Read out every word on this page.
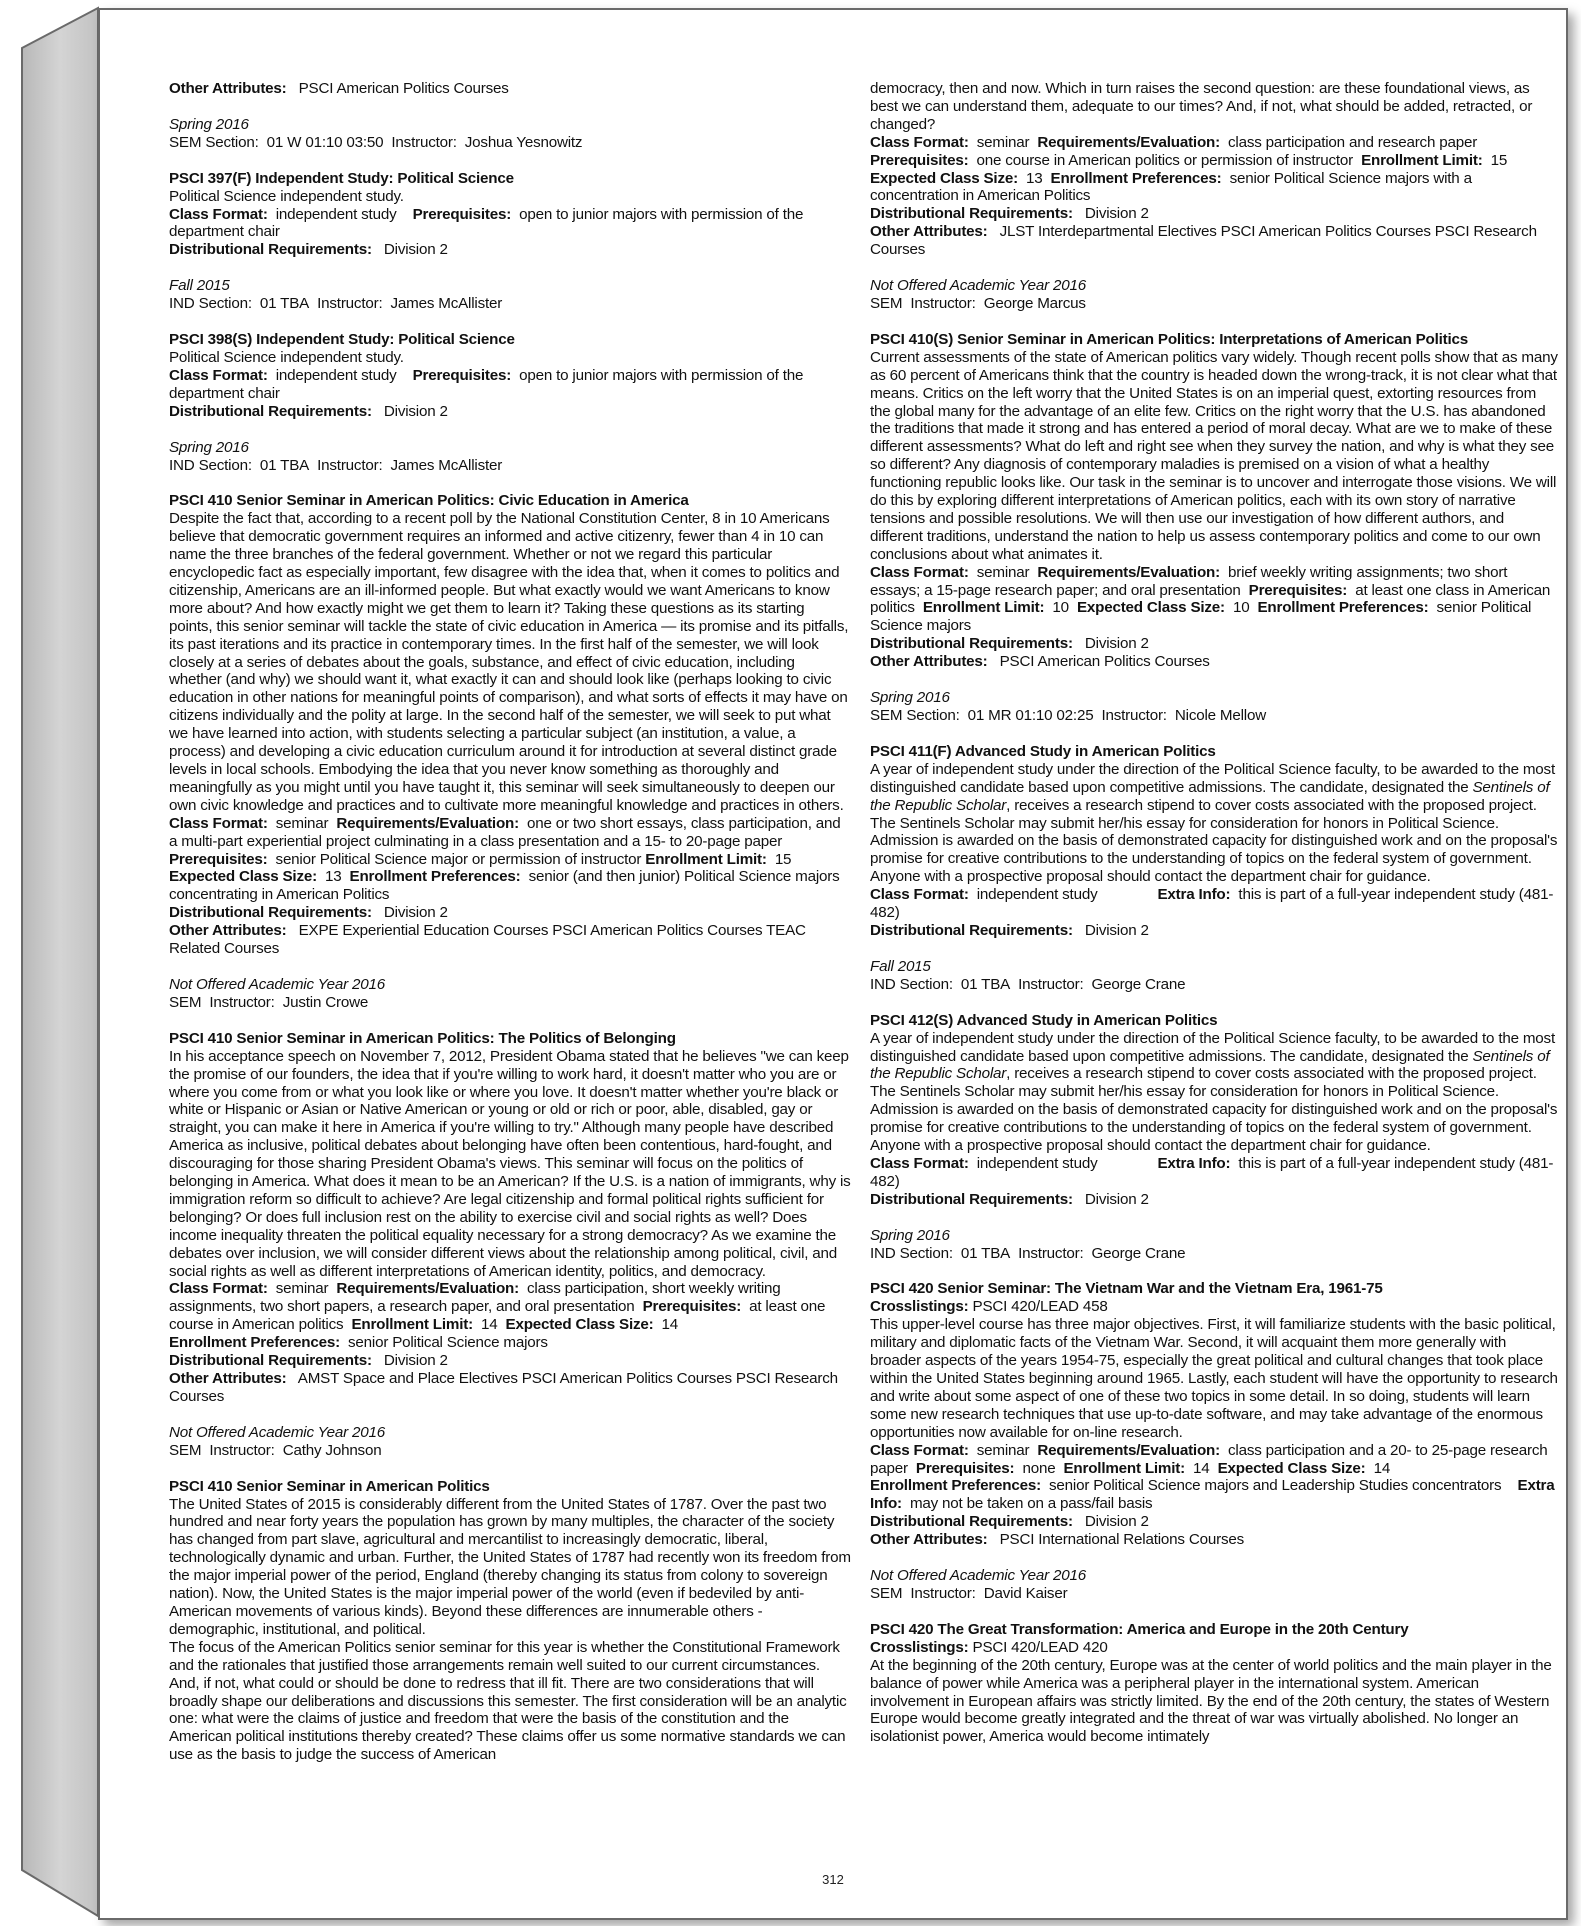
Other Attributes: PSCI American Politics Courses

Spring 2016

SEM Section: 01 W 01:10 03:50 Instructor: Joshua Yesnowitz

PSCI 397(F) Independent Study: Political Science

Political Science independent study.

Class Format: independent study Prerequisites: open to junior majors with permission of the department chair

Distributional Requirements: Division 2

Fall 2015

IND Section: 01 TBA Instructor: James McAllister

PSCI 398(S) Independent Study: Political Science

Political Science independent study.

Class Format: independent study Prerequisites: open to junior majors with permission of the department chair

Distributional Requirements: Division 2

Spring 2016

IND Section: 01 TBA Instructor: James McAllister

PSCI 410 Senior Seminar in American Politics: Civic Education in America

Despite the fact that, according to a recent poll by the National Constitution Center, 8 in 10 Americans believe that democratic government requires an informed and active citizenry, fewer than 4 in 10 can name the three branches of the federal government. Whether or not we regard this particular encyclopedic fact as especially important, few disagree with the idea that, when it comes to politics and citizenship, Americans are an ill-informed people. But what exactly would we want Americans to know more about? And how exactly might we get them to learn it? Taking these questions as its starting points, this senior seminar will tackle the state of civic education in America — its promise and its pitfalls, its past iterations and its practice in contemporary times. In the first half of the semester, we will look closely at a series of debates about the goals, substance, and effect of civic education, including whether (and why) we should want it, what exactly it can and should look like (perhaps looking to civic education in other nations for meaningful points of comparison), and what sorts of effects it may have on citizens individually and the polity at large. In the second half of the semester, we will seek to put what we have learned into action, with students selecting a particular subject (an institution, a value, a process) and developing a civic education curriculum around it for introduction at several distinct grade levels in local schools. Embodying the idea that you never know something as thoroughly and meaningfully as you might until you have taught it, this seminar will seek simultaneously to deepen our own civic knowledge and practices and to cultivate more meaningful knowledge and practices in others.

Class Format: seminar Requirements/Evaluation: one or two short essays, class participation, and a multi-part experiential project culminating in a class presentation and a 15- to 20-page paper  Prerequisites: senior Political Science major or permission of instructor Enrollment Limit: 15  Expected Class Size: 13 Enrollment Preferences: senior (and then junior) Political Science majors concentrating in American Politics

Distributional Requirements: Division 2

Other Attributes: EXPE Experiential Education Courses PSCI American Politics Courses TEAC Related Courses

Not Offered Academic Year 2016

SEM Instructor: Justin Crowe

PSCI 410 Senior Seminar in American Politics: The Politics of Belonging

In his acceptance speech on November 7, 2012, President Obama stated that he believes "we can keep the promise of our founders, the idea that if you're willing to work hard, it doesn't matter who you are or where you come from or what you look like or where you love. It doesn't matter whether you're black or white or Hispanic or Asian or Native American or young or old or rich or poor, able, disabled, gay or straight, you can make it here in America if you're willing to try." Although many people have described America as inclusive, political debates about belonging have often been contentious, hard-fought, and discouraging for those sharing President Obama's views. This seminar will focus on the politics of belonging in America. What does it mean to be an American? If the U.S. is a nation of immigrants, why is immigration reform so difficult to achieve? Are legal citizenship and formal political rights sufficient for belonging? Or does full inclusion rest on the ability to exercise civil and social rights as well? Does income inequality threaten the political equality necessary for a strong democracy? As we examine the debates over inclusion, we will consider different views about the relationship among political, civil, and social rights as well as different interpretations of American identity, politics, and democracy.

Class Format: seminar Requirements/Evaluation: class participation, short weekly writing assignments, two short papers, a research paper, and oral presentation Prerequisites: at least one course in American politics Enrollment Limit: 14 Expected Class Size: 14

Enrollment Preferences: senior Political Science majors

Distributional Requirements: Division 2

Other Attributes: AMST Space and Place Electives PSCI American Politics Courses PSCI Research Courses

Not Offered Academic Year 2016

SEM Instructor: Cathy Johnson

PSCI 410 Senior Seminar in American Politics

The United States of 2015 is considerably different from the United States of 1787. Over the past two hundred and near forty years the population has grown by many multiples, the character of the society has changed from part slave, agricultural and mercantilist to increasingly democratic, liberal, technologically dynamic and urban. Further, the United States of 1787 had recently won its freedom from the major imperial power of the period, England (thereby changing its status from colony to sovereign nation). Now, the United States is the major imperial power of the world (even if bedeviled by anti-American movements of various kinds). Beyond these differences are innumerable others - demographic, institutional, and political.

The focus of the American Politics senior seminar for this year is whether the Constitutional Framework and the rationales that justified those arrangements remain well suited to our current circumstances. And, if not, what could or should be done to redress that ill fit. There are two considerations that will broadly shape our deliberations and discussions this semester. The first consideration will be an analytic one: what were the claims of justice and freedom that were the basis of the constitution and the American political institutions thereby created? These claims offer us some normative standards we can use as the basis to judge the success of American

democracy, then and now. Which in turn raises the second question: are these foundational views, as best we can understand them, adequate to our times? And, if not, what should be added, retracted, or changed?

Class Format: seminar Requirements/Evaluation: class participation and research paper

Prerequisites: one course in American politics or permission of instructor Enrollment Limit: 15  Expected Class Size: 13 Enrollment Preferences: senior Political Science majors with a concentration in American Politics

Distributional Requirements: Division 2

Other Attributes: JLST Interdepartmental Electives PSCI American Politics Courses PSCI Research Courses

Not Offered Academic Year 2016

SEM Instructor: George Marcus

PSCI 410(S) Senior Seminar in American Politics: Interpretations of American Politics

Current assessments of the state of American politics vary widely. Though recent polls show that as many as 60 percent of Americans think that the country is headed down the wrong-track, it is not clear what that means. Critics on the left worry that the United States is on an imperial quest, extorting resources from the global many for the advantage of an elite few. Critics on the right worry that the U.S. has abandoned the traditions that made it strong and has entered a period of moral decay. What are we to make of these different assessments? What do left and right see when they survey the nation, and why is what they see so different? Any diagnosis of contemporary maladies is premised on a vision of what a healthy functioning republic looks like. Our task in the seminar is to uncover and interrogate those visions. We will do this by exploring different interpretations of American politics, each with its own story of narrative tensions and possible resolutions. We will then use our investigation of how different authors, and different traditions, understand the nation to help us assess contemporary politics and come to our own conclusions about what animates it.

Class Format: seminar Requirements/Evaluation: brief weekly writing assignments; two short essays; a 15-page research paper; and oral presentation Prerequisites: at least one class in American politics Enrollment Limit: 10 Expected Class Size: 10 Enrollment Preferences: senior Political Science majors

Distributional Requirements: Division 2

Other Attributes: PSCI American Politics Courses

Spring 2016

SEM Section: 01 MR 01:10 02:25 Instructor: Nicole Mellow

PSCI 411(F) Advanced Study in American Politics

A year of independent study under the direction of the Political Science faculty, to be awarded to the most distinguished candidate based upon competitive admissions. The candidate, designated the Sentinels of the Republic Scholar, receives a research stipend to cover costs associated with the proposed project. The Sentinels Scholar may submit her/his essay for consideration for honors in Political Science.

Admission is awarded on the basis of demonstrated capacity for distinguished work and on the proposal's promise for creative contributions to the understanding of topics on the federal system of government. Anyone with a prospective proposal should contact the department chair for guidance.

Class Format: independent study	Extra Info: this is part of a full-year independent study (481-482)

Distributional Requirements: Division 2

Fall 2015

IND Section: 01 TBA Instructor: George Crane

PSCI 412(S) Advanced Study in American Politics

A year of independent study under the direction of the Political Science faculty, to be awarded to the most distinguished candidate based upon competitive admissions. The candidate, designated the Sentinels of the Republic Scholar, receives a research stipend to cover costs associated with the proposed project. The Sentinels Scholar may submit her/his essay for consideration for honors in Political Science.

Admission is awarded on the basis of demonstrated capacity for distinguished work and on the proposal's promise for creative contributions to the understanding of topics on the federal system of government. Anyone with a prospective proposal should contact the department chair for guidance.

Class Format: independent study	Extra Info: this is part of a full-year independent study (481-482)

Distributional Requirements: Division 2

Spring 2016

IND Section: 01 TBA Instructor: George Crane

PSCI 420 Senior Seminar: The Vietnam War and the Vietnam Era, 1961-75

Crosslistings: PSCI 420/LEAD 458

This upper-level course has three major objectives. First, it will familiarize students with the basic political, military and diplomatic facts of the Vietnam War. Second, it will acquaint them more generally with broader aspects of the years 1954-75, especially the great political and cultural changes that took place within the United States beginning around 1965. Lastly, each student will have the opportunity to research and write about some aspect of one of these two topics in some detail. In so doing, students will learn some new research techniques that use up-to-date software, and may take advantage of the enormous opportunities now available for on-line research.

Class Format: seminar Requirements/Evaluation: class participation and a 20- to 25-page research paper Prerequisites: none Enrollment Limit: 14 Expected Class Size: 14

Enrollment Preferences: senior Political Science majors and Leadership Studies concentrators Extra Info: may not be taken on a pass/fail basis

Distributional Requirements: Division 2

Other Attributes: PSCI International Relations Courses

Not Offered Academic Year 2016

SEM Instructor: David Kaiser

PSCI 420 The Great Transformation: America and Europe in the 20th Century

Crosslistings: PSCI 420/LEAD 420

At the beginning of the 20th century, Europe was at the center of world politics and the main player in the balance of power while America was a peripheral player in the international system. American involvement in European affairs was strictly limited. By the end of the 20th century, the states of Western Europe would become greatly integrated and the threat of war was virtually abolished. No longer an isolationist power, America would become intimately

312
